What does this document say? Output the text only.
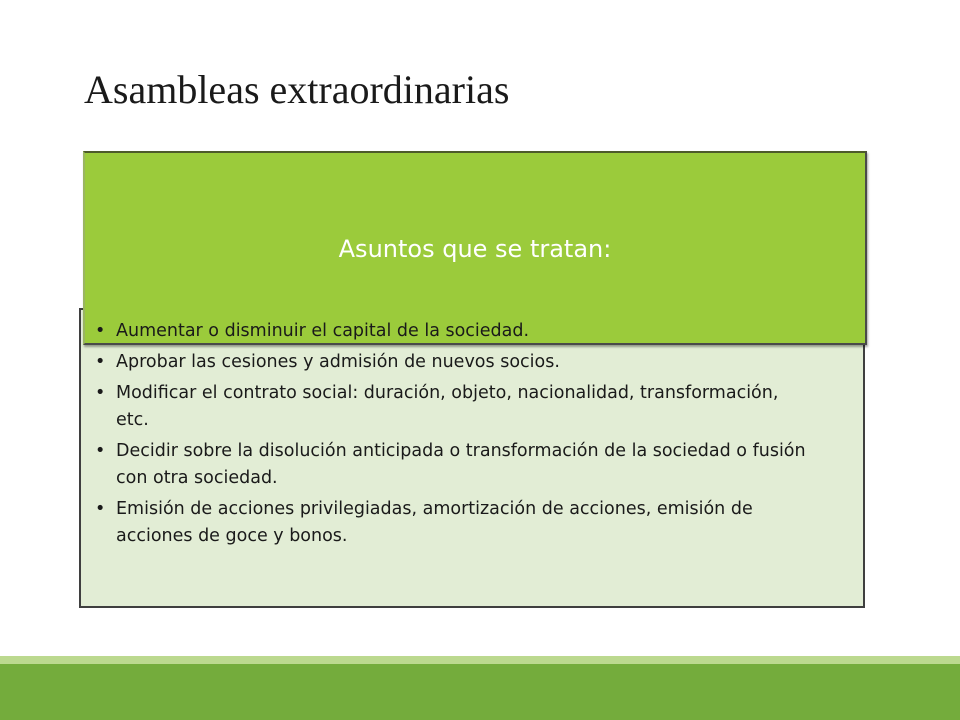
Asambleas extraordinarias
Asuntos que se tratan:
• Aumentar o disminuir el capital de la sociedad.
• Aprobar las cesiones y admisión de nuevos socios.
• Modificar el contrato social: duración, objeto, nacionalidad, transformación, etc.
• Decidir sobre la disolución anticipada o transformación de la sociedad o fusión con otra sociedad.
• Emisión de acciones privilegiadas, amortización de acciones, emisión de acciones de goce y bonos.
